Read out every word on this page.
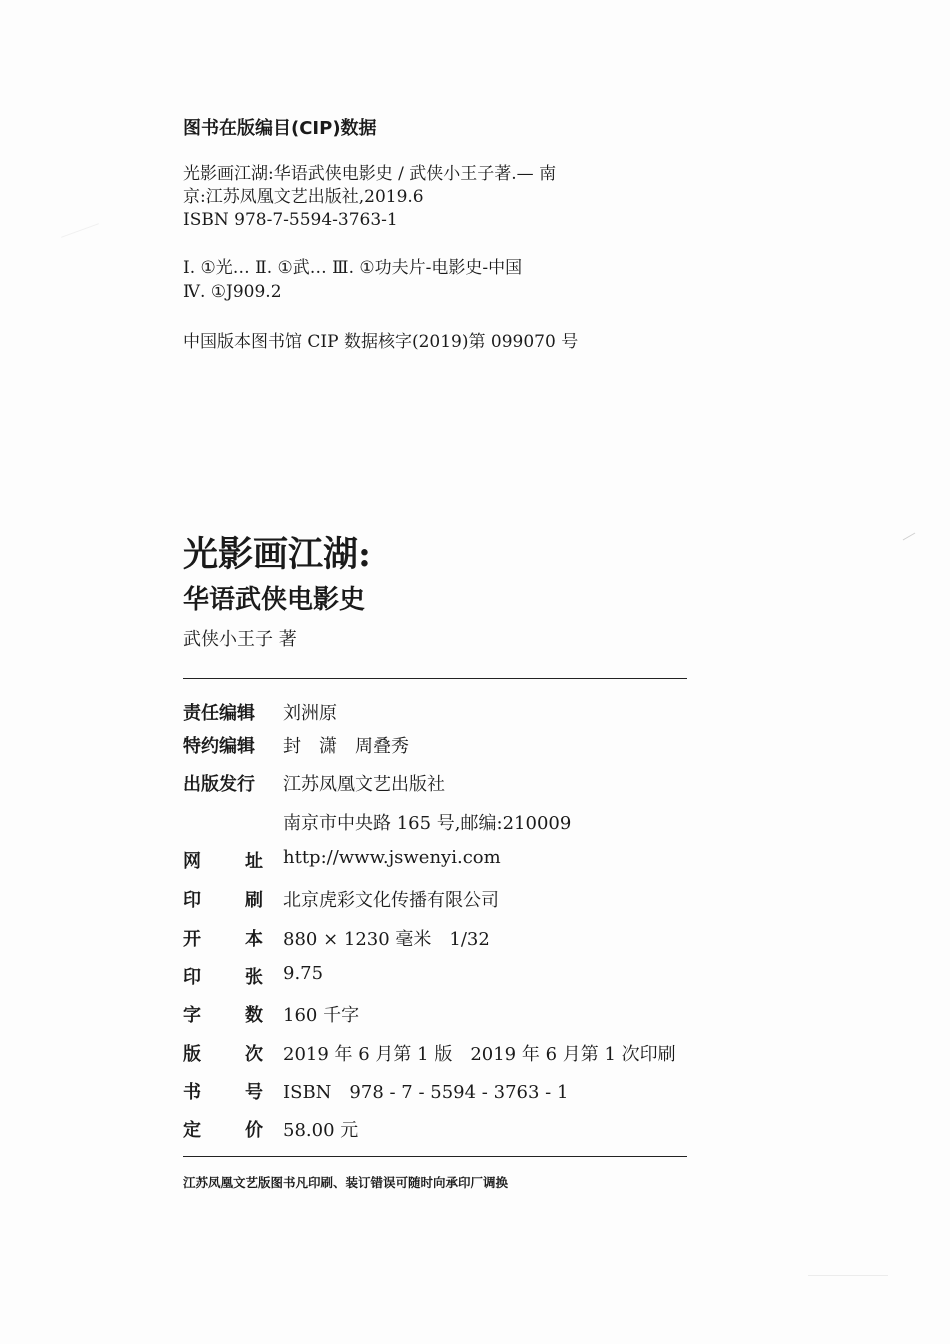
图书在版编目(CIP)数据
光影画江湖:华语武侠电影史 / 武侠小王子著.— 南
京:江苏凤凰文艺出版社,2019.6
ISBN 978-7-5594-3763-1
Ⅰ. ①光… Ⅱ. ①武… Ⅲ. ①功夫片-电影史-中国
Ⅳ. ①J909.2
中国版本图书馆 CIP 数据核字(2019)第 099070 号
光影画江湖:
华语武侠电影史
武侠小王子 著
责任编辑	刘洲原
特约编辑	封　潇　周叠秀
出版发行	江苏凤凰文艺出版社
南京市中央路 165 号,邮编:210009
网 址 http://www.jswenyi.com
印 刷 北京虎彩文化传播有限公司
开 本 880 × 1230 毫米　1/32
印 张 9.75
字 数 160 千字
版 次 2019 年 6 月第 1 版　2019 年 6 月第 1 次印刷
书 号 ISBN　978 - 7 - 5594 - 3763 - 1
定 价 58.00 元
江苏凤凰文艺版图书凡印刷、装订错误可随时向承印厂调换
